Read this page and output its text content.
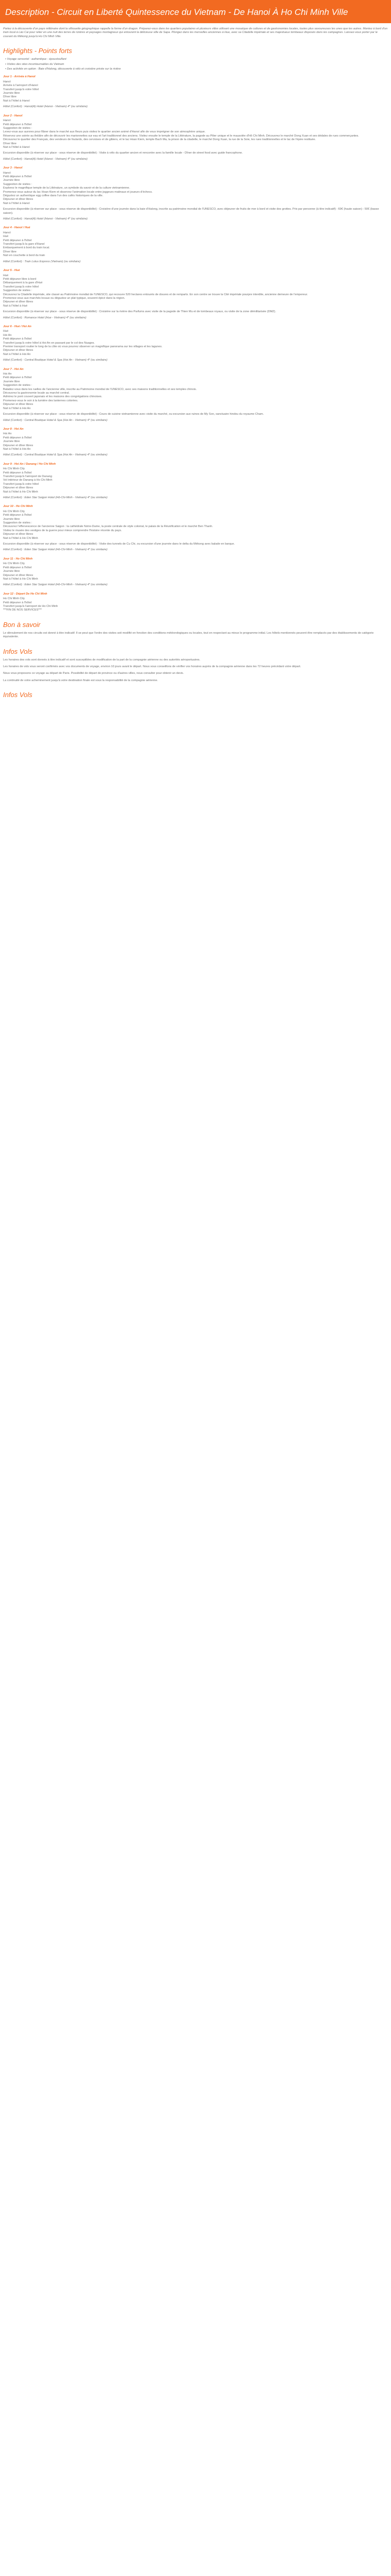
Description - Circuit en Liberté Quintessence du Vietnam - De Hanoi À Ho Chi Minh Ville

Partez à la découverte d'un pays millénaire dont la silhouette géographique rappelle la forme d'un dragon. Préparez-vous dans les quartiers populaires et plusieurs villes utilisant une mosaïque de cultures et de gastronomies locales, toutes plus savoureuses les unes que les autres. Montez à bord d'un train local à Lào Cai pour relier en une nuit des terres de rizières et paysages montagneux qui entourent la délicieuse ville de Sapa. Plongez dans les merveilles anciennes à Hue, avec sa Citadelle impériale et ses majestueux tombeaux disposés dans les campagnes. Laissez-vous porter par le courant du Mékong jusqu'à Ho Chi Minh Ville.

Highlights - Points forts
• Voyage sensoriel : authentique - époustouflant
• Visites des sites incontournables du Vietnam
• Des activités en option : Baie d'Halong, découverte à vélo et croisière privée sur la rivière
Jour 1 - Arrivée à Hanoï
Hanoï
Arrivée à l'aéroport d'Hanoï
Transfert jusqu'à votre hôtel
Journée libre
Dîner libre
Nuit à l'hôtel à Hanoï
Hôtel (Confort) : Hanoi(A) Hotel (Hanoi - Vietnam) 4* (ou similaire)
Jour 2 - Hanoï
Hanoï
Petit déjeuner à l'hôtel
Suggestion de visites :
Levez-vous aux aurores pour flâner dans le marché aux fleurs puis visitez le quartier ancien animé d'Hanoï afin de vous imprégner de son atmosphère unique.
Réservez une soirée au théâtre afin de découvrir les marionnettes sur eau et l'art traditionnel des anciens. Visitez ensuite le temple de la Littérature, la pagode au Pilier unique et le mausolée d'Hô Chi Minh. Découvrez le marché Dong Xuan et ses dédales de rues commerçantes.
Découvrez le quartier des Français, des vendeurs de foulards, des cervoises et de gibiers, et le lac Hoan Kiem, temple Bach Ma, la prison de la citadelle, le marché Dong Xuan, la rue de la Soie, les rues traditionnelles et le lac de l'épée restituée.
Dîner libre
Nuit à l'hôtel à Hanoï
Excursion disponible (à réserver sur place - sous réserve de disponibilité) : Visite à vélo du quartier ancien et rencontre avec la famille locale - Dîner de street food avec guide francophone.
Hôtel (Confort) : Hanoi(A) Hotel (Hanoi - Vietnam) 4* (ou similaire)
Jour 3 - Hanoï
Hanoï
Petit déjeuner à l'hôtel
Journée libre
Suggestion de visites :
Explorez le magnifique temple de la Littérature, un symbole du savoir et de la culture vietnamienne.
Promenez-vous autour du lac Hoan Kiem et observez l'animation locale entre joggeurs matinaux et joueurs d'échecs.
Dégustez un authentique egg coffee dans l'un des cafés historiques de la ville.
Déjeuner et dîner libres
Nuit à l'hôtel à Hanoï
Excursion disponible (à réserver sur place - sous réserve de disponibilité) : Croisière d'une journée dans la baie d'Halong, inscrite au patrimoine mondial de l'UNESCO, avec déjeuner de fruits de mer à bord et visite des grottes. Prix par personne (à titre indicatif) : 69€ (haute saison) - 50€ (basse saison).
Hôtel (Confort) : Hanoi(A) Hotel (Hanoi - Vietnam) 4* (ou similaire)
Jour 4 - Hanoï / Hué
Hanoï
Hué
Petit déjeuner à l'hôtel
Transfert jusqu'à la gare d'Hanoï
Embarquement à bord du train local.
Dîner libre
Nuit en couchette à bord du train
Hôtel (Confort) : Train Lotus Express (Vietnam) (ou similaire)
Jour 5 - Hué
Hué
Petit déjeuner libre à bord
Débarquement à la gare d'Hué
Transfert jusqu'à votre hôtel
Suggestion de visites :
Découvrez la Citadelle impériale, site classé au Patrimoine mondial de l'UNESCO, qui recouvre 520 hectares entourés de douves et de remparts. En son centre se trouve la Cité impériale pourpre interdite, ancienne demeure de l'empereur.
Promenez-vous aux marchés locaux ou dégustez un plat typique, souvent épicé dans la région.
Déjeuner et dîner libres
Nuit à l'hôtel à Hué
Excursion disponible (à réserver sur place - sous réserve de disponibilité) : Croisière sur la rivière des Parfums avec visite de la pagode de Thien Mu et de tombeaux royaux, ou visite de la zone démilitarisée (DMZ).
Hôtel (Confort) : Romance Hotel (Hue - Vietnam) 4* (ou similaire)
Jour 6 - Hué / Hoi An
Hué
Hoi An
Petit déjeuner à l'hôtel
Transfert jusqu'à votre hôtel à Hoi An en passant par le col des Nuages.
Premier transport routier le long de la côte où vous pourrez observer un magnifique panorama sur les villages et les lagunes.
Déjeuner et dîner libres
Nuit à l'hôtel à Hoi An
Hôtel (Confort) : Central Boutique Hotel & Spa (Hoi An - Vietnam) 4* (ou similaire)
Jour 7 - Hoi An
Hoi An
Petit déjeuner à l'hôtel
Journée libre
Suggestion de visites :
Baladez-vous dans les ruelles de l'ancienne ville, inscrite au Patrimoine mondial de l'UNESCO, avec ses maisons traditionnelles et ses temples chinois.
Découvrez la gastronomie locale au marché central.
Admirez le pont couvert japonais et les maisons des congrégations chinoises.
Promenez-vous le soir à la lumière des lanternes colorées.
Déjeuner et dîner libres
Nuit à l'hôtel à Hoi An
Excursion disponible (à réserver sur place - sous réserve de disponibilité) : Cours de cuisine vietnamienne avec visite du marché, ou excursion aux ruines de My Son, sanctuaire hindou du royaume Cham.
Hôtel (Confort) : Central Boutique Hotel & Spa (Hoi An - Vietnam) 4* (ou similaire)
Jour 8 - Hoi An
Hoi An
Petit déjeuner à l'hôtel
Journée libre
Déjeuner et dîner libres
Nuit à l'hôtel à Hoi An
Hôtel (Confort) : Central Boutique Hotel & Spa (Hoi An - Vietnam) 4* (ou similaire)
Jour 9 - Hoi An / Danang / Ho Chi Minh
Ho Chi Minh City
Petit déjeuner à l'hôtel
Transfert jusqu'à l'aéroport de Danang
Vol intérieur de Danang à Ho Chi Minh
Transfert jusqu'à votre hôtel
Déjeuner et dîner libres
Nuit à l'hôtel à Ho Chi Minh
Hôtel (Confort) : Eden Star Saigon Hotel (Hô-Chi-Minh - Vietnam) 4* (ou similaire)
Jour 10 - Ho Chi Minh
Ho Chi Minh City
Petit déjeuner à l'hôtel
Journée libre
Suggestion de visites :
Découvrez l'effervescence de l'ancienne Saigon : la cathédrale Notre-Dame, la poste centrale de style colonial, le palais de la Réunification et le marché Ben Thanh.
Visitez le musée des vestiges de la guerre pour mieux comprendre l'histoire récente du pays.
Déjeuner et dîner libres
Nuit à l'hôtel à Ho Chi Minh
Excursion disponible (à réserver sur place - sous réserve de disponibilité) : Visite des tunnels de Cu Chi, ou excursion d'une journée dans le delta du Mékong avec balade en barque.
Hôtel (Confort) : Eden Star Saigon Hotel (Hô-Chi-Minh - Vietnam) 4* (ou similaire)
Jour 11 - Ho Chi Minh
Ho Chi Minh City
Petit déjeuner à l'hôtel
Journée libre
Déjeuner et dîner libres
Nuit à l'hôtel à Ho Chi Minh
Hôtel (Confort) : Eden Star Saigon Hotel (Hô-Chi-Minh - Vietnam) 4* (ou similaire)
Jour 12 - Départ De Ho Chi Minh
Ho Chi Minh City
Petit déjeuner à l'hôtel
Transfert jusqu'à l'aéroport de Ho Chi Minh
***FIN DE NOS SERVICES***
Bon à savoir

Le déroulement de nos circuits est donné à titre indicatif. Il se peut que l'ordre des visites soit modifié en fonction des conditions météorologiques ou locales, tout en respectant au mieux le programme initial. Les hôtels mentionnés peuvent être remplacés par des établissements de catégorie équivalente.

Infos Vols

Les horaires des vols sont donnés à titre indicatif et sont susceptibles de modification de la part de la compagnie aérienne ou des autorités aéroportuaires.

Les horaires de vols vous seront confirmés avec vos documents de voyage, environ 10 jours avant le départ. Nous vous conseillons de vérifier vos horaires auprès de la compagnie aérienne dans les 72 heures précédant votre départ.

Nous vous proposons ce voyage au départ de Paris. Possibilité de départ de province ou d'autres villes, nous consulter pour obtenir un devis.

La continuité de votre acheminement jusqu'à votre destination finale est sous la responsabilité de la compagnie aérienne.

Infos Vols
